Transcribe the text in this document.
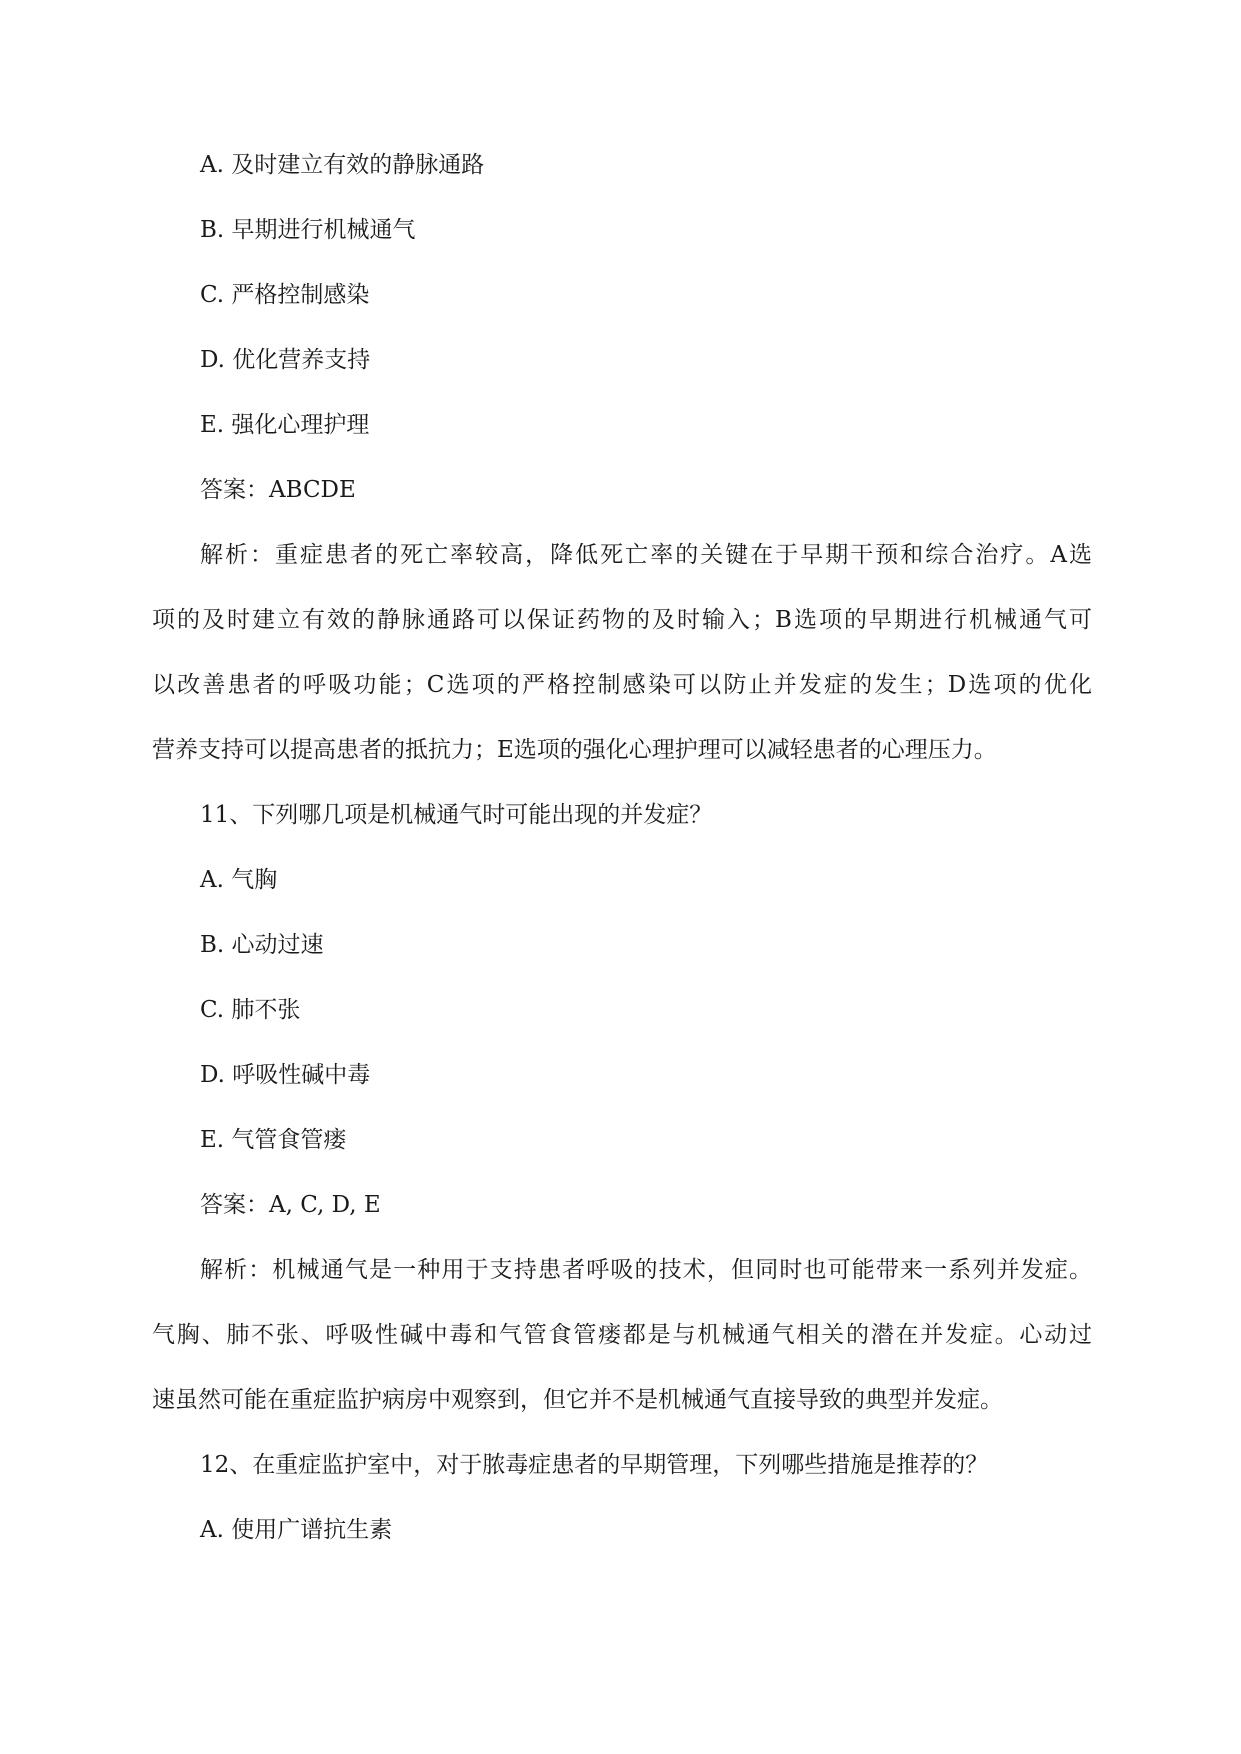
A. 及时建立有效的静脉通路
B. 早期进行机械通气
C. 严格控制感染
D. 优化营养支持
E. 强化心理护理
答案：ABCDE
解析：重症患者的死亡率较高，降低死亡率的关键在于早期干预和综合治疗。A选
项的及时建立有效的静脉通路可以保证药物的及时输入；B选项的早期进行机械通气可
以改善患者的呼吸功能；C选项的严格控制感染可以防止并发症的发生；D选项的优化
营养支持可以提高患者的抵抗力；E选项的强化心理护理可以减轻患者的心理压力。
11、下列哪几项是机械通气时可能出现的并发症？
A. 气胸
B. 心动过速
C. 肺不张
D. 呼吸性碱中毒
E. 气管食管瘘
答案：A, C, D, E
解析：机械通气是一种用于支持患者呼吸的技术，但同时也可能带来一系列并发症。
气胸、肺不张、呼吸性碱中毒和气管食管瘘都是与机械通气相关的潜在并发症。心动过
速虽然可能在重症监护病房中观察到，但它并不是机械通气直接导致的典型并发症。
12、在重症监护室中，对于脓毒症患者的早期管理，下列哪些措施是推荐的？
A. 使用广谱抗生素
